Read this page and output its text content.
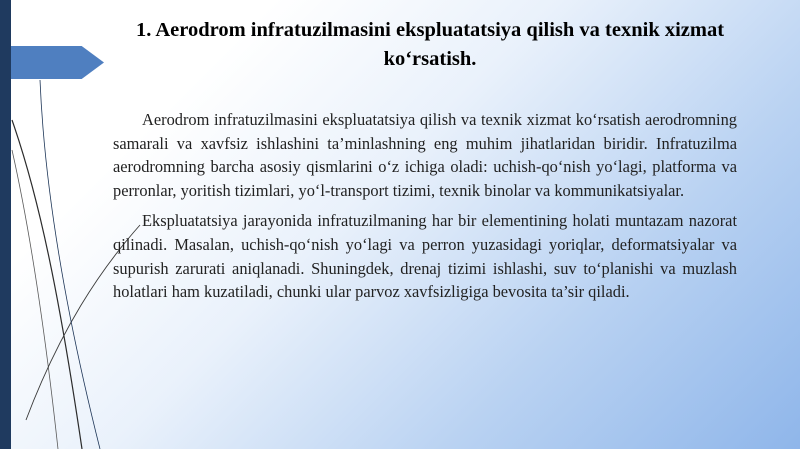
1. Aerodrom infratuzilmasini ekspluatatsiya qilish va texnik xizmat ko‘rsatish.

Aerodrom infratuzilmasini ekspluatatsiya qilish va texnik xizmat ko‘rsatish aerodromning samarali va xavfsiz ishlashini ta’minlashning eng muhim jihatlaridan biridir. Infratuzilma aerodromning barcha asosiy qismlarini o‘z ichiga oladi: uchish-qo‘nish yo‘lagi, platforma va perronlar, yoritish tizimlari, yo‘l-transport tizimi, texnik binolar va kommunikatsiyalar.

Ekspluatatsiya jarayonida infratuzilmaning har bir elementining holati muntazam nazorat qilinadi. Masalan, uchish-qo‘nish yo‘lagi va perron yuzasidagi yoriqlar, deformatsiyalar va supurish zarurati aniqlanadi. Shuningdek, drenaj tizimi ishlashi, suv to‘planishi va muzlash holatlari ham kuzatiladi, chunki ular parvoz xavfsizligiga bevosita ta’sir qiladi.
